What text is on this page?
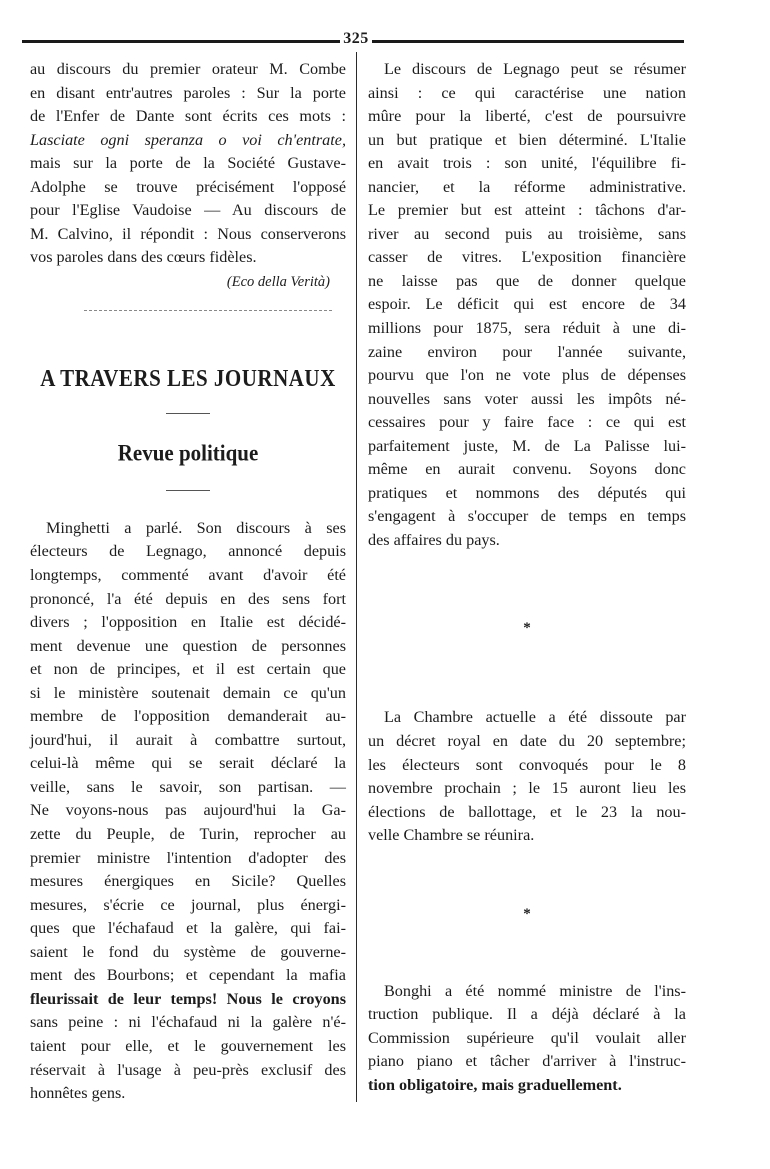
325
au discours du premier orateur M. Combe
en disant entr'autres paroles : Sur la porte
de l'Enfer de Dante sont écrits ces mots :
Lasciate ogni speranza o voi ch'entrate,
mais sur la porte de la Société Gustave-
Adolphe se trouve précisément l'opposé
pour l'Eglise Vaudoise — Au discours de
M. Calvino, il répondit : Nous conserverons
vos paroles dans des cœurs fidèles.
(Eco della Verità)
A TRAVERS LES JOURNAUX
Revue politique
Minghetti a parlé. Son discours à ses
électeurs de Legnago, annoncé depuis
longtemps, commenté avant d'avoir été
prononcé, l'a été depuis en des sens fort
divers ; l'opposition en Italie est décidé-
ment devenue une question de personnes
et non de principes, et il est certain que
si le ministère soutenait demain ce qu'un
membre de l'opposition demanderait au-
jourd'hui, il aurait à combattre surtout,
celui-là même qui se serait déclaré la
veille, sans le savoir, son partisan. —
Ne voyons-nous pas aujourd'hui la Ga-
zette du Peuple, de Turin, reprocher au
premier ministre l'intention d'adopter des
mesures énergiques en Sicile? Quelles
mesures, s'écrie ce journal, plus énergi-
ques que l'échafaud et la galère, qui fai-
saient le fond du système de gouverne-
ment des Bourbons; et cependant la mafia
fleurissait de leur temps! Nous le croyons
sans peine : ni l'échafaud ni la galère n'é-
taient pour elle, et le gouvernement les
réservait à l'usage à peu-près exclusif des
honnêtes gens.
Le discours de Legnago peut se résumer
ainsi : ce qui caractérise une nation
mûre pour la liberté, c'est de poursuivre
un but pratique et bien déterminé. L'Italie
en avait trois : son unité, l'équilibre fi-
nancier, et la réforme administrative.
Le premier but est atteint : tâchons d'ar-
river au second puis au troisième, sans
casser de vitres. L'exposition financière
ne laisse pas que de donner quelque
espoir. Le déficit qui est encore de 34
millions pour 1875, sera réduit à une di-
zaine environ pour l'année suivante,
pourvu que l'on ne vote plus de dépenses
nouvelles sans voter aussi les impôts né-
cessaires pour y faire face : ce qui est
parfaitement juste, M. de La Palisse lui-
même en aurait convenu. Soyons donc
pratiques et nommons des députés qui
s'engagent à s'occuper de temps en temps
des affaires du pays.
*
La Chambre actuelle a été dissoute par
un décret royal en date du 20 septembre;
les électeurs sont convoqués pour le 8
novembre prochain ; le 15 auront lieu les
élections de ballottage, et le 23 la nou-
velle Chambre se réunira.
*
Bonghi a été nommé ministre de l'ins-
truction publique. Il a déjà déclaré à la
Commission supérieure qu'il voulait aller
piano piano et tâcher d'arriver à l'instruc-
tion obligatoire, mais graduellement.
